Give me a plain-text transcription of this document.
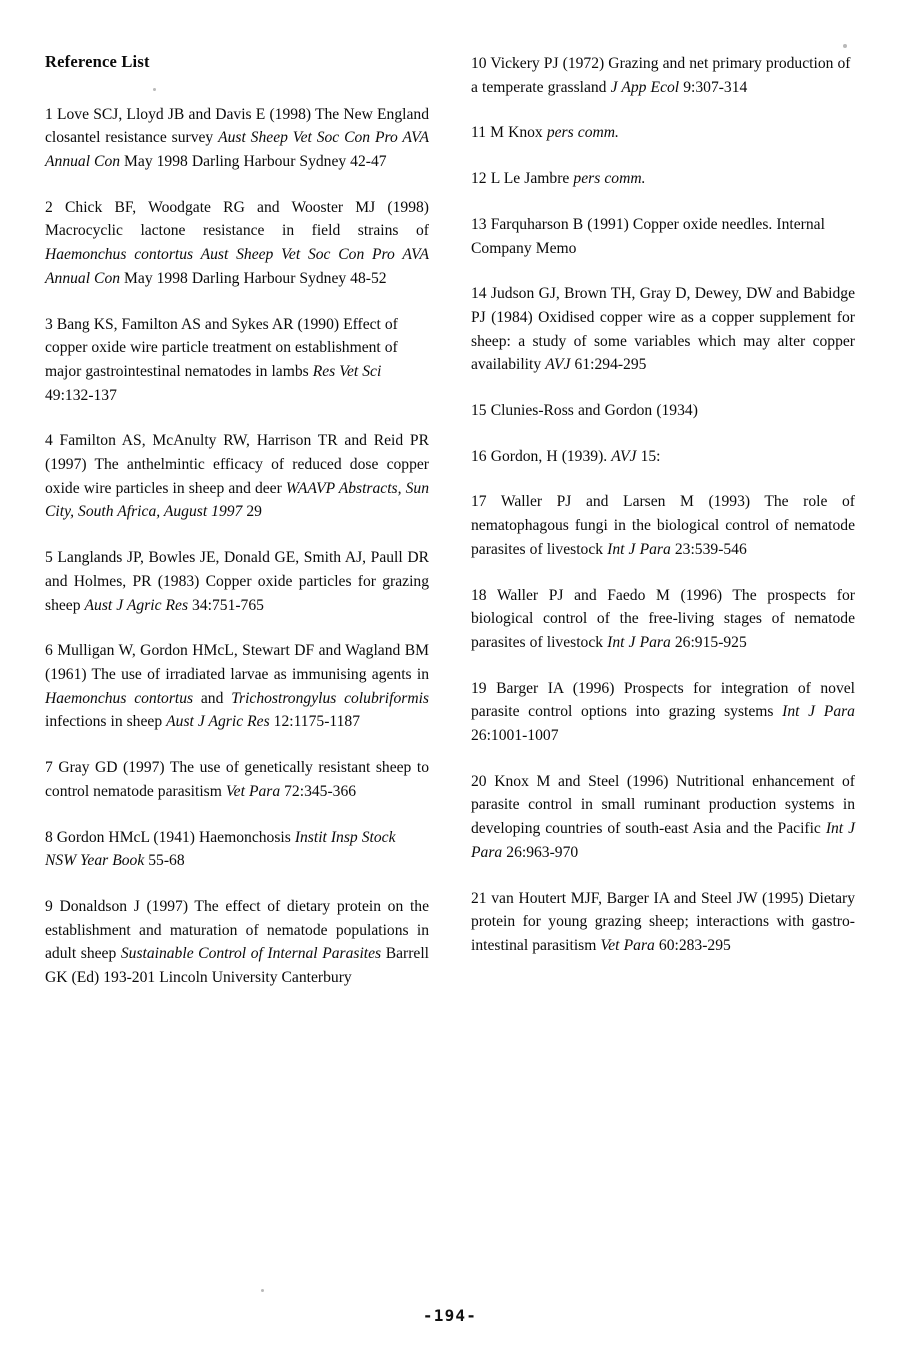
Reference List

1 Love SCJ, Lloyd JB and Davis E (1998) The New England closantel resistance survey Aust Sheep Vet Soc Con Pro AVA Annual Con May 1998 Darling Harbour Sydney 42-47

2 Chick BF, Woodgate RG and Wooster MJ (1998) Macrocyclic lactone resistance in field strains of Haemonchus contortus Aust Sheep Vet Soc Con Pro AVA Annual Con May 1998 Darling Harbour Sydney 48-52

3 Bang KS, Familton AS and Sykes AR (1990) Effect of copper oxide wire particle treatment on establishment of major gastrointestinal nematodes in lambs Res Vet Sci 49:132-137

4 Familton AS, McAnulty RW, Harrison TR and Reid PR (1997) The anthelmintic efficacy of reduced dose copper oxide wire particles in sheep and deer WAAVP Abstracts, Sun City, South Africa, August 1997 29

5 Langlands JP, Bowles JE, Donald GE, Smith AJ, Paull DR and Holmes, PR (1983) Copper oxide particles for grazing sheep Aust J Agric Res 34:751-765

6 Mulligan W, Gordon HMcL, Stewart DF and Wagland BM (1961) The use of irradiated larvae as immunising agents in Haemonchus contortus and Trichostrongylus colubriformis infections in sheep Aust J Agric Res 12:1175-1187

7 Gray GD (1997) The use of genetically resistant sheep to control nematode parasitism Vet Para 72:345-366

8 Gordon HMcL (1941) Haemonchosis Instit Insp Stock NSW Year Book 55-68

9 Donaldson J (1997) The effect of dietary protein on the establishment and maturation of nematode populations in adult sheep Sustainable Control of Internal Parasites Barrell GK (Ed) 193-201 Lincoln University Canterbury

10 Vickery PJ (1972) Grazing and net primary production of a temperate grassland J App Ecol 9:307-314

11 M Knox pers comm.

12 L Le Jambre pers comm.

13 Farquharson B (1991) Copper oxide needles. Internal Company Memo

14 Judson GJ, Brown TH, Gray D, Dewey, DW and Babidge PJ (1984) Oxidised copper wire as a copper supplement for sheep: a study of some variables which may alter copper availability AVJ 61:294-295

15 Clunies-Ross and Gordon (1934)

16 Gordon, H (1939). AVJ 15:

17 Waller PJ and Larsen M (1993) The role of nematophagous fungi in the biological control of nematode parasites of livestock Int J Para 23:539-546

18 Waller PJ and Faedo M (1996) The prospects for biological control of the free-living stages of nematode parasites of livestock Int J Para 26:915-925

19 Barger IA (1996) Prospects for integration of novel parasite control options into grazing systems Int J Para 26:1001-1007

20 Knox M and Steel (1996) Nutritional enhancement of parasite control in small ruminant production systems in developing countries of south-east Asia and the Pacific Int J Para 26:963-970

21 van Houtert MJF, Barger IA and Steel JW (1995) Dietary protein for young grazing sheep; interactions with gastro-intestinal parasitism Vet Para 60:283-295

-194-
